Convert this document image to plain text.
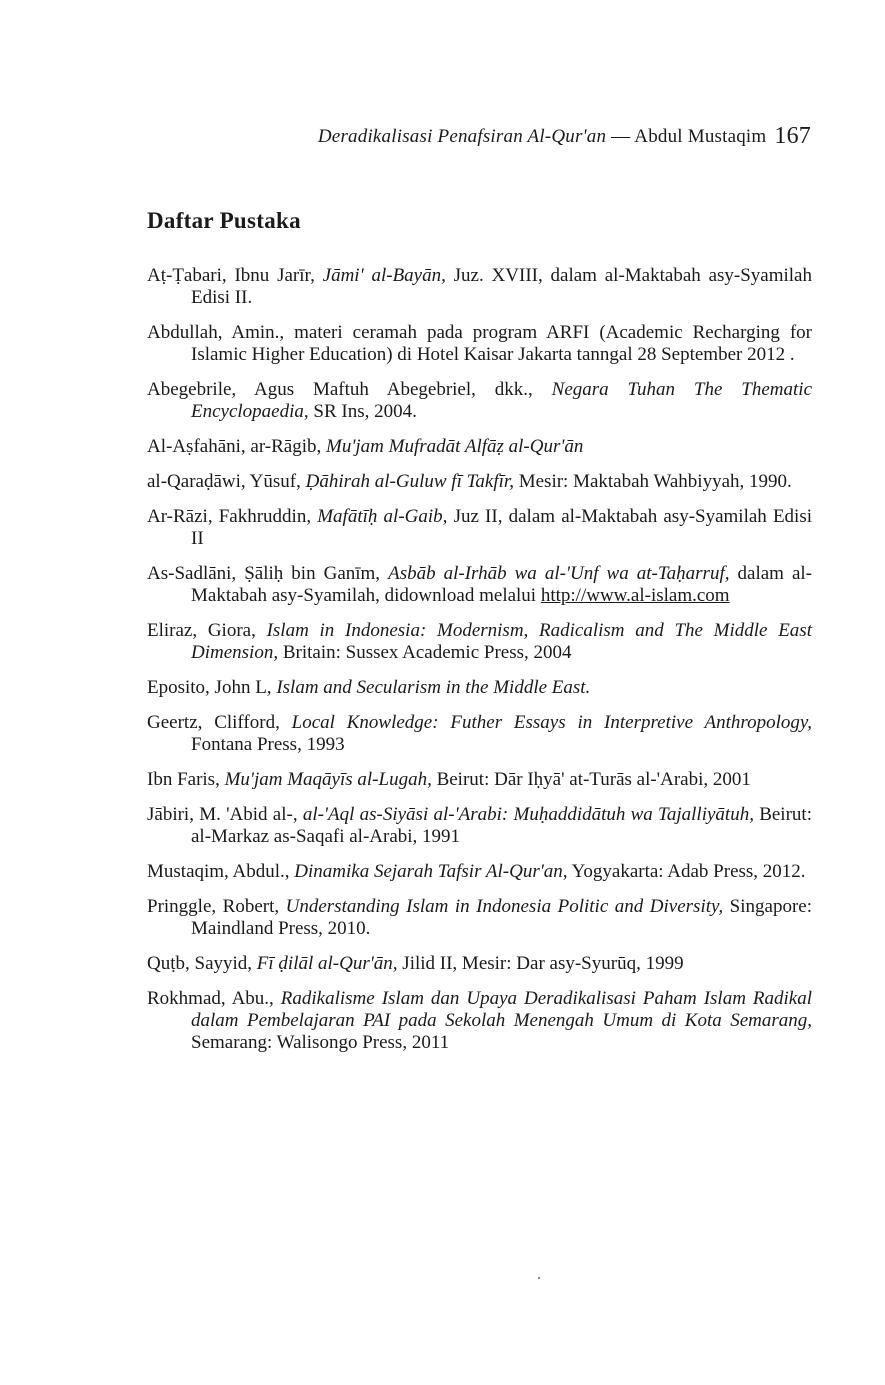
Deradikalisasi Penafsiran Al-Qur'an — Abdul Mustaqim 167
Daftar Pustaka
Aṭ-Ṭabari, Ibnu Jarīr, Jāmi' al-Bayān, Juz. XVIII, dalam al-Maktabah asy-Syamilah Edisi II.
Abdullah, Amin., materi ceramah pada program ARFI (Academic Recharging for Islamic Higher Education) di Hotel Kaisar Jakarta tanngal 28 September 2012 .
Abegebrile, Agus Maftuh Abegebriel, dkk., Negara Tuhan The Thematic Encyclopaedia, SR Ins, 2004.
Al-Aṣfahāni, ar-Rāgib, Mu'jam Mufradāt Alfāẓ al-Qur'ān
al-Qaraḍāwi, Yūsuf, Ḍāhirah al-Guluw fī Takfīr, Mesir: Maktabah Wahbiyyah, 1990.
Ar-Rāzi, Fakhruddin, Mafātīḥ al-Gaib, Juz II, dalam al-Maktabah asy-Syamilah Edisi II
As-Sadlāni, Ṣāliḥ bin Ganīm, Asbāb al-Irhāb wa al-'Unf wa at-Taḥarruf, dalam al-Maktabah asy-Syamilah, didownload melalui http://www.al-islam.com
Eliraz, Giora, Islam in Indonesia: Modernism, Radicalism and The Middle East Dimension, Britain: Sussex Academic Press, 2004
Eposito, John L, Islam and Secularism in the Middle East.
Geertz, Clifford, Local Knowledge: Futher Essays in Interpretive Anthropology, Fontana Press, 1993
Ibn Faris, Mu'jam Maqāyīs al-Lugah, Beirut: Dār Iḥyā' at-Turās al-'Arabi, 2001
Jābiri, M. 'Abid al-, al-'Aql as-Siyāsi al-'Arabi: Muḥaddidātuh wa Tajalliyātuh, Beirut: al-Markaz as-Saqafi al-Arabi, 1991
Mustaqim, Abdul., Dinamika Sejarah Tafsir Al-Qur'an, Yogyakarta: Adab Press, 2012.
Pringgle, Robert, Understanding Islam in Indonesia Politic and Diversity, Singapore: Maindland Press, 2010.
Quṭb, Sayyid, Fī ḍilāl al-Qur'ān, Jilid II, Mesir: Dar asy-Syurūq, 1999
Rokhmad, Abu., Radikalisme Islam dan Upaya Deradikalisasi Paham Islam Radikal dalam Pembelajaran PAI pada Sekolah Menengah Umum di Kota Semarang, Semarang: Walisongo Press, 2011
